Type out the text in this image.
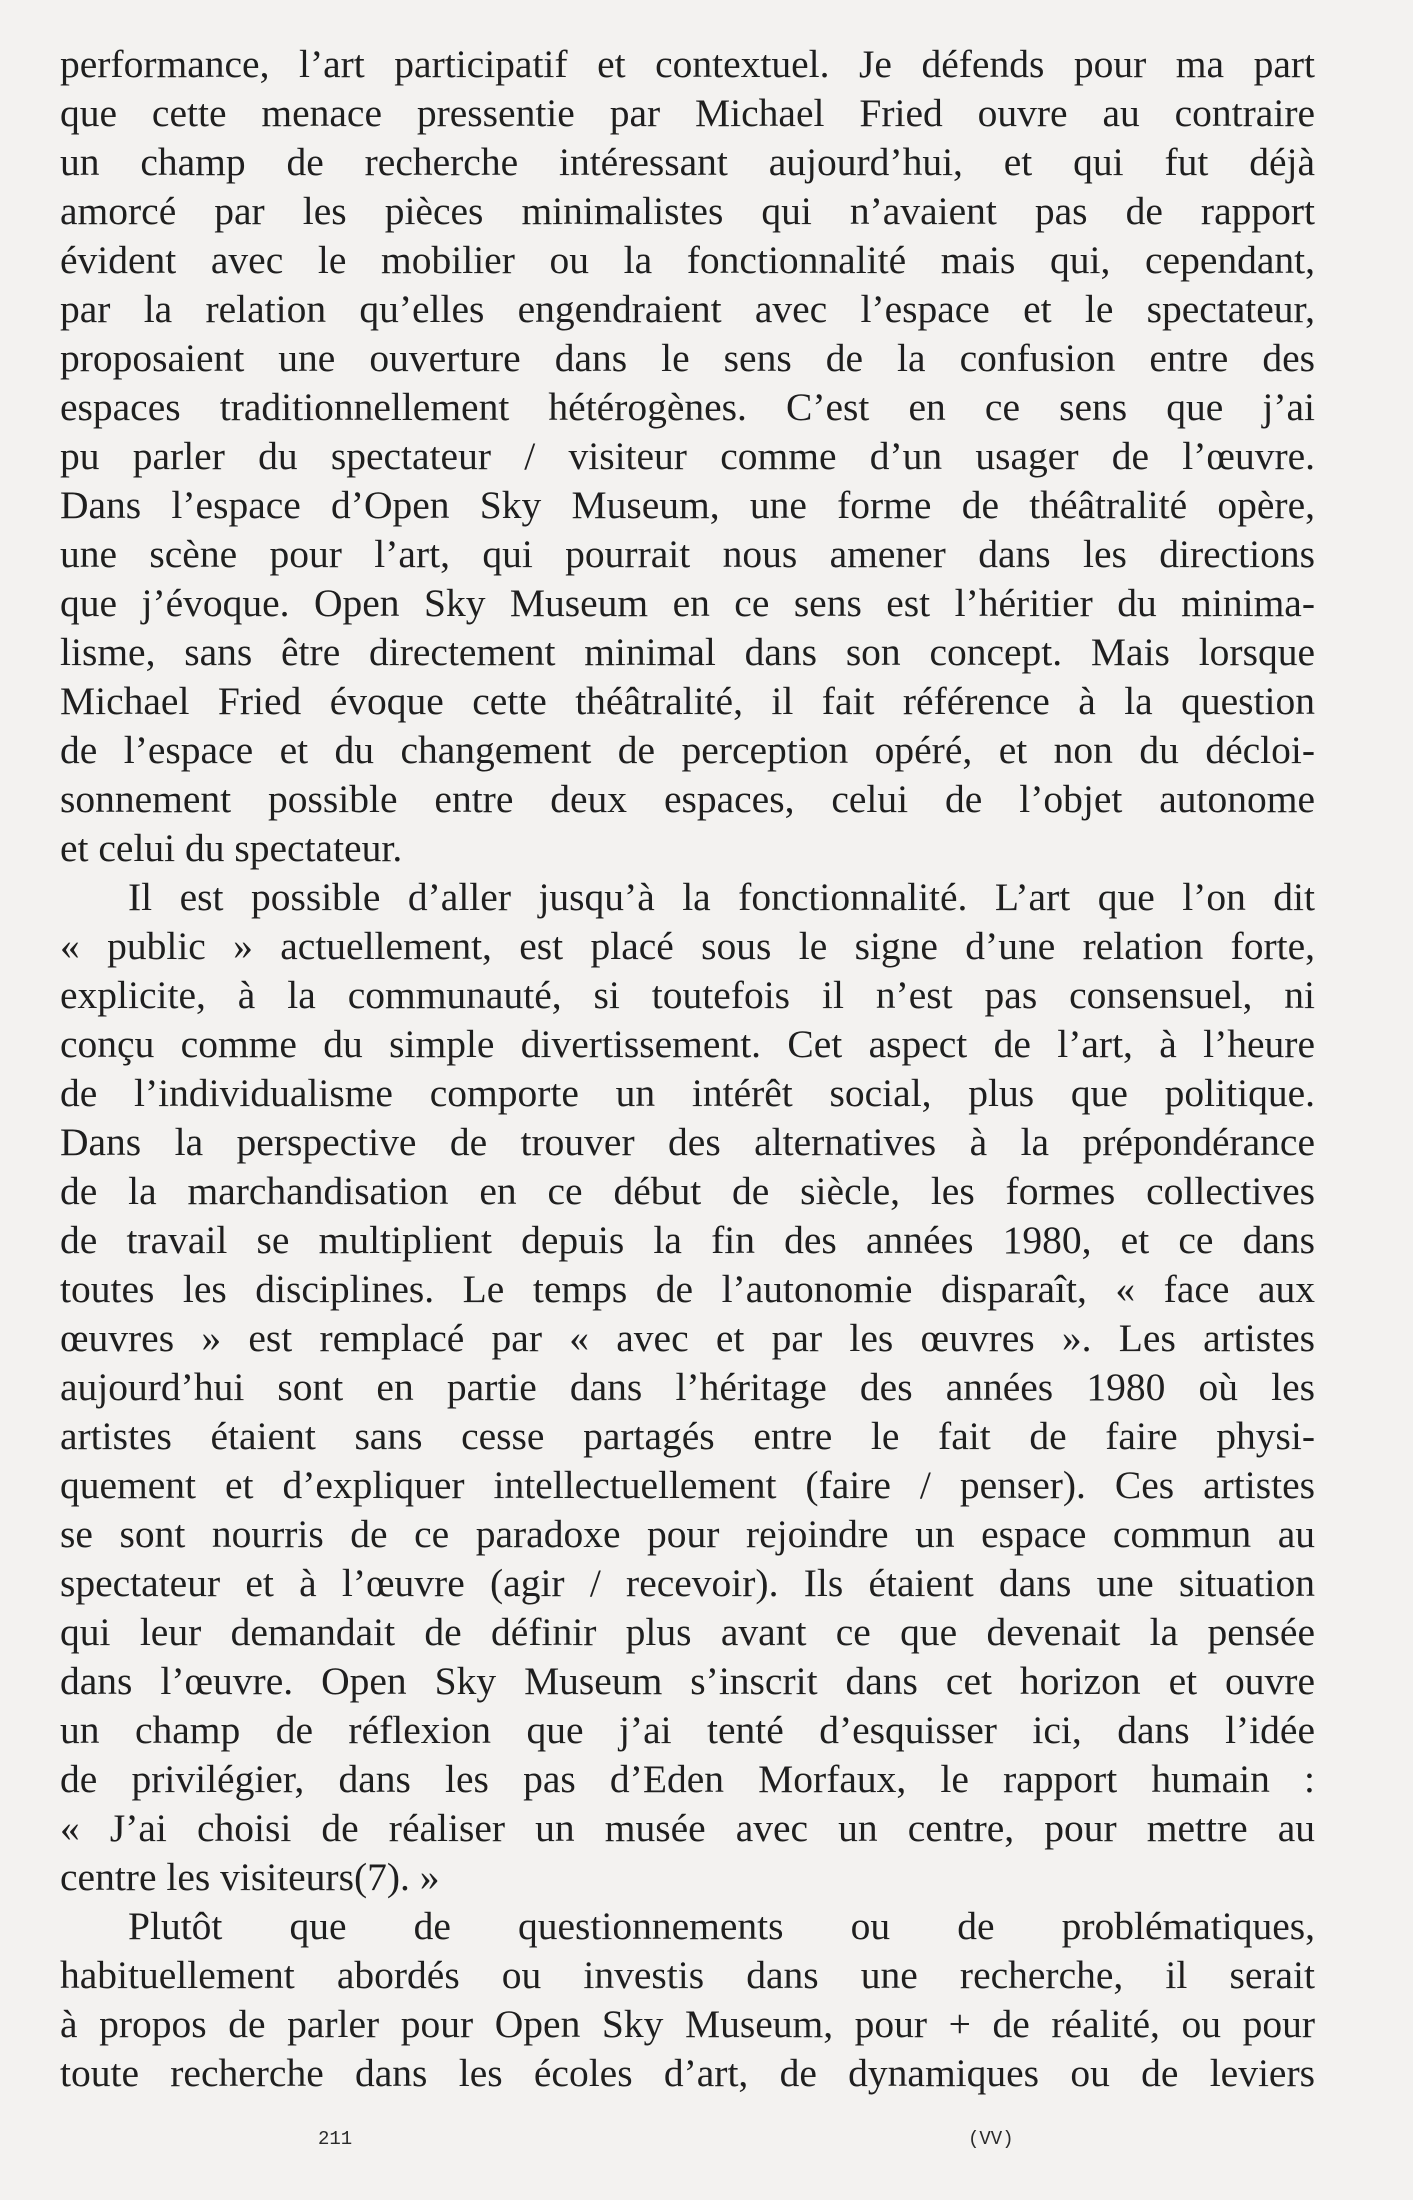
performance, l’art participatif et contextuel. Je défends pour ma part
que cette menace pressentie par Michael Fried ouvre au contraire
un champ de recherche intéressant aujourd’hui, et qui fut déjà
amorcé par les pièces minimalistes qui n’avaient pas de rapport
évident avec le mobilier ou la fonctionnalité mais qui, cependant,
par la relation qu’elles engendraient avec l’espace et le spectateur,
proposaient une ouverture dans le sens de la confusion entre des
espaces traditionnellement hétérogènes. C’est en ce sens que j’ai
pu parler du spectateur / visiteur comme d’un usager de l’œuvre.
Dans l’espace d’Open Sky Museum, une forme de théâtralité opère,
une scène pour l’art, qui pourrait nous amener dans les directions
que j’évoque. Open Sky Museum en ce sens est l’héritier du minima-
lisme, sans être directement minimal dans son concept. Mais lorsque
Michael Fried évoque cette théâtralité, il fait référence à la question
de l’espace et du changement de perception opéré, et non du décloi-
sonnement possible entre deux espaces, celui de l’objet autonome
et celui du spectateur.
Il est possible d’aller jusqu’à la fonctionnalité. L’art que l’on dit
« public » actuellement, est placé sous le signe d’une relation forte,
explicite, à la communauté, si toutefois il n’est pas consensuel, ni
conçu comme du simple divertissement. Cet aspect de l’art, à l’heure
de l’individualisme comporte un intérêt social, plus que politique.
Dans la perspective de trouver des alternatives à la prépondérance
de la marchandisation en ce début de siècle, les formes collectives
de travail se multiplient depuis la fin des années 1980, et ce dans
toutes les disciplines. Le temps de l’autonomie disparaît, « face aux
œuvres » est remplacé par « avec et par les œuvres ». Les artistes
aujourd’hui sont en partie dans l’héritage des années 1980 où les
artistes étaient sans cesse partagés entre le fait de faire physi-
quement et d’expliquer intellectuellement (faire / penser). Ces artistes
se sont nourris de ce paradoxe pour rejoindre un espace commun au
spectateur et à l’œuvre (agir / recevoir). Ils étaient dans une situation
qui leur demandait de définir plus avant ce que devenait la pensée
dans l’œuvre. Open Sky Museum s’inscrit dans cet horizon et ouvre
un champ de réflexion que j’ai tenté d’esquisser ici, dans l’idée
de privilégier, dans les pas d’Eden Morfaux, le rapport humain :
« J’ai choisi de réaliser un musée avec un centre, pour mettre au
centre les visiteurs(7). »
Plutôt que de questionnements ou de problématiques,
habituellement abordés ou investis dans une recherche, il serait
à propos de parler pour Open Sky Museum, pour + de réalité, ou pour
toute recherche dans les écoles d’art, de dynamiques ou de leviers
211	(VV)
